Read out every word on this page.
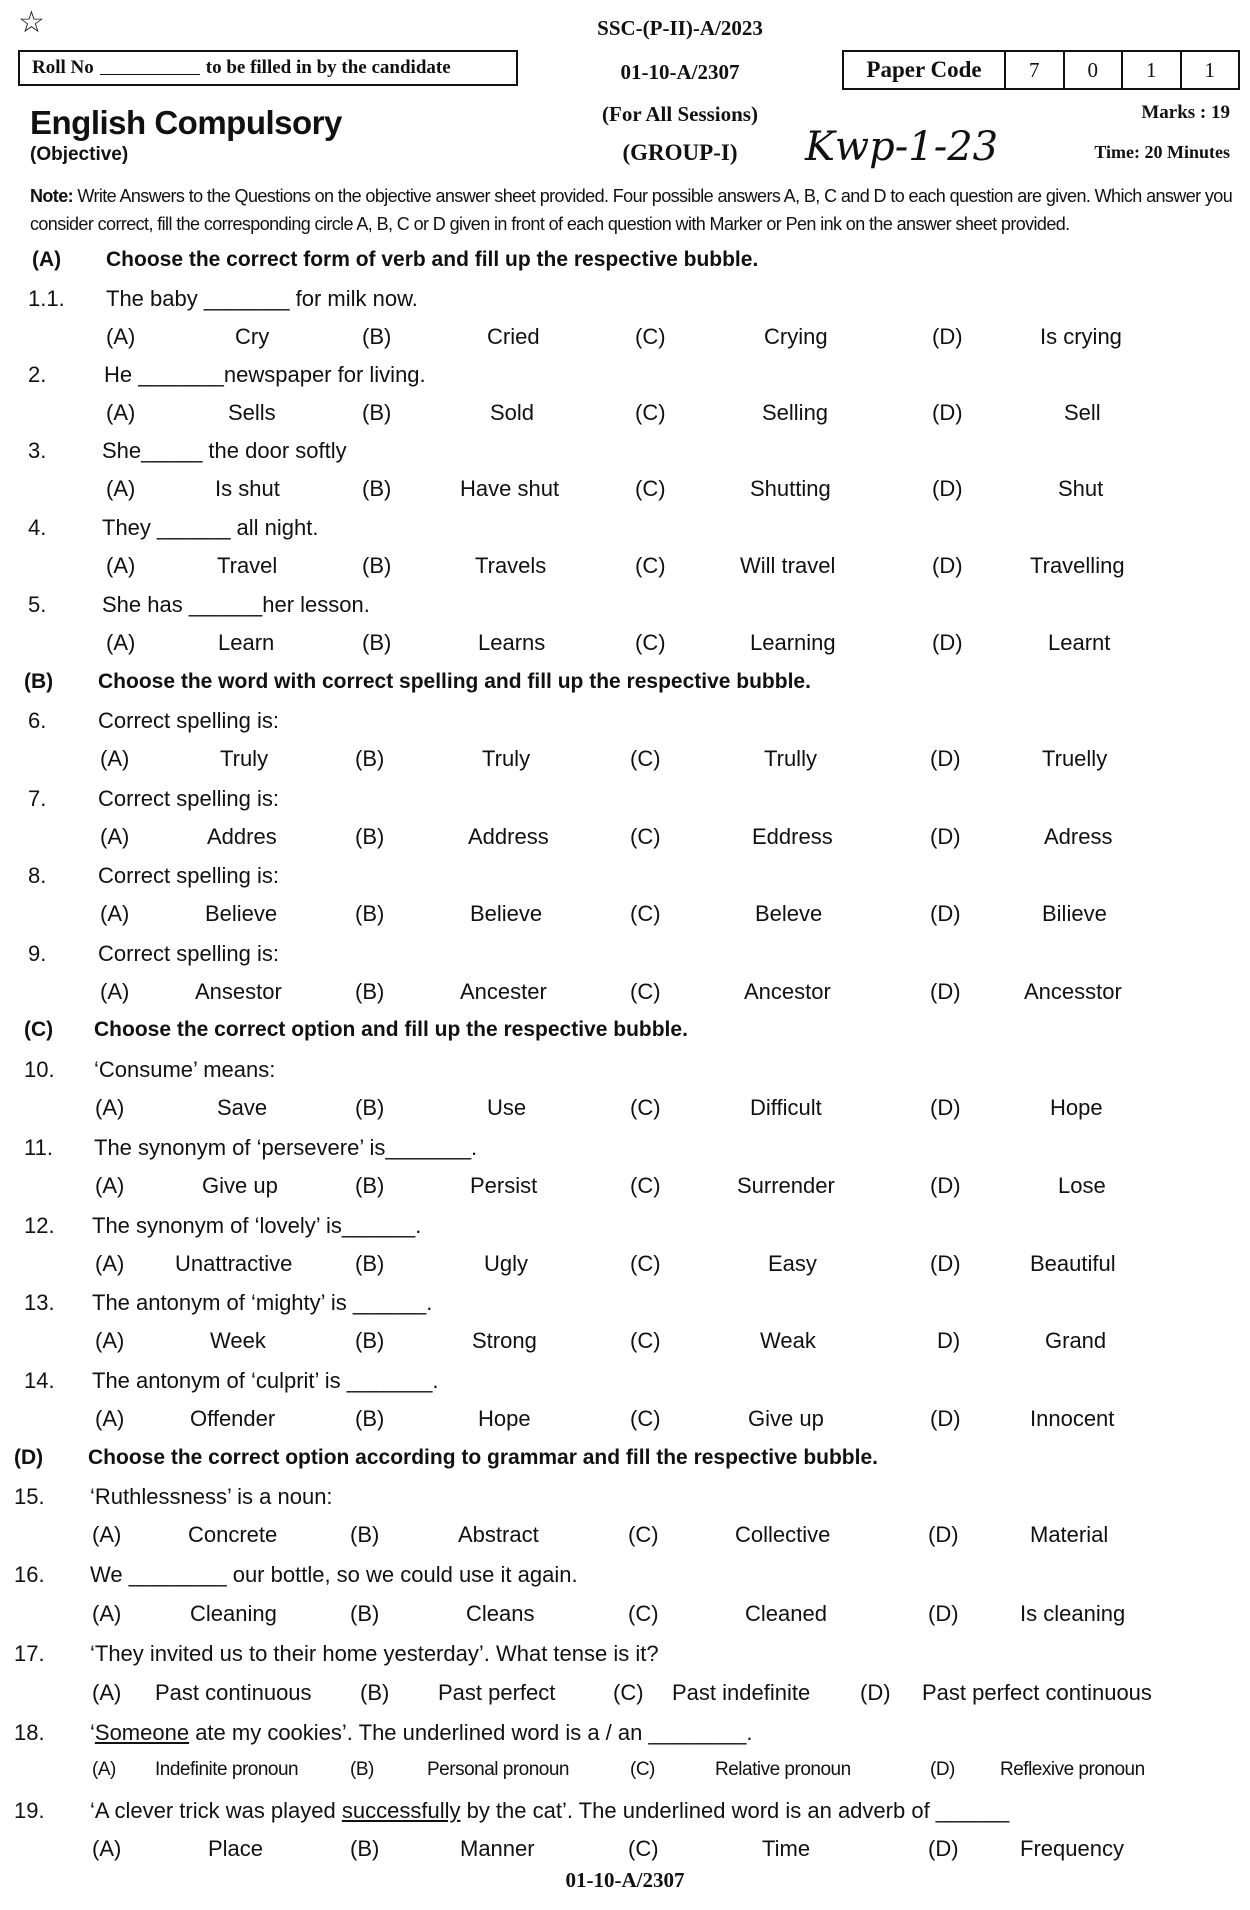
☆	SSC-(P-II)-A/2023
01-10-A/2307
(For All Sessions)
(GROUP-I)
Roll No	to be filled in by the candidate	Paper Code	7	0	1	1
English Compulsory
(Objective)
Marks : 19
Time: 20 Minutes
Kwp-1-23
Note: Write Answers to the Questions on the objective answer sheet provided. Four possible answers A, B, C and D to each question are given. Which answer you consider correct, fill the corresponding circle A, B, C or D given in front of each question with Marker or Pen ink on the answer sheet provided.
(A) Choose the correct form of verb and fill up the respective bubble.
1.1. The baby _______ for milk now.
(A)	Cry	(B)	Cried	(C)	Crying	(D)	Is crying
2.	He _______newspaper for living.
(A)	Sells	(B)	Sold	(C)	Selling	(D)	Sell
3.	She_____ the door softly
(A)	Is shut	(B)	Have shut	(C)	Shutting	(D)	Shut
4.	They ______ all night.
(A)	Travel	(B)	Travels	(C)	Will travel	(D)	Travelling
5.	She has ______her lesson.
(A)	Learn	(B)	Learns	(C)	Learning	(D)	Learnt
(B) Choose the word with correct spelling and fill up the respective bubble.
6. Correct spelling is:
(A)	Truly	(B)	Truly	(C)	Trully	(D)	Truelly
7. Correct spelling is:
(A)	Addres	(B)	Address	(C)	Eddress	(D)	Adress
8. Correct spelling is:
(A)	Believe	(B)	Believe	(C)	Beleve	(D)	Bilieve
9. Correct spelling is:
(A)	Ansestor	(B)	Ancester	(C)	Ancestor	(D)	Ancesstor
(C) Choose the correct option and fill up the respective bubble.
10. ‘Consume’ means:
(A)	Save	(B)	Use	(C)	Difficult	(D)	Hope
11. The synonym of ‘persevere’ is_______.
(A)	Give up	(B)	Persist	(C)	Surrender	(D)	Lose
12. The synonym of ‘lovely’ is______.
(A) Unattractive	(B)	Ugly	(C)	Easy	(D)	Beautiful
13. The antonym of ‘mighty’ is ______.
(A)	Week	(B)	Strong	(C)	Weak	D)	Grand
14. The antonym of ‘culprit’ is _______.
(A)	Offender	(B)	Hope	(C)	Give up	(D)	Innocent
(D) Choose the correct option according to grammar and fill the respective bubble.
15. ‘Ruthlessness’ is a noun:
(A)	Concrete	(B)	Abstract	(C)	Collective	(D)	Material
16. We ________ our bottle, so we could use it again.
(A)	Cleaning	(B)	Cleans	(C)	Cleaned	(D)	Is cleaning
17. ‘They invited us to their home yesterday’. What tense is it?
(A) Past continuous (B) Past perfect	(C) Past indefinite (D) Past perfect continuous
18. ‘Someone ate my cookies’. The underlined word is a / an ________.
(A) Indefinite pronoun	(B)	Personal pronoun	(C)	Relative pronoun	(D) Reflexive pronoun
19. ‘A clever trick was played successfully by the cat’. The underlined word is an adverb of ______
(A)	Place	(B)	Manner	(C)	Time	(D)	Frequency
01-10-A/2307
